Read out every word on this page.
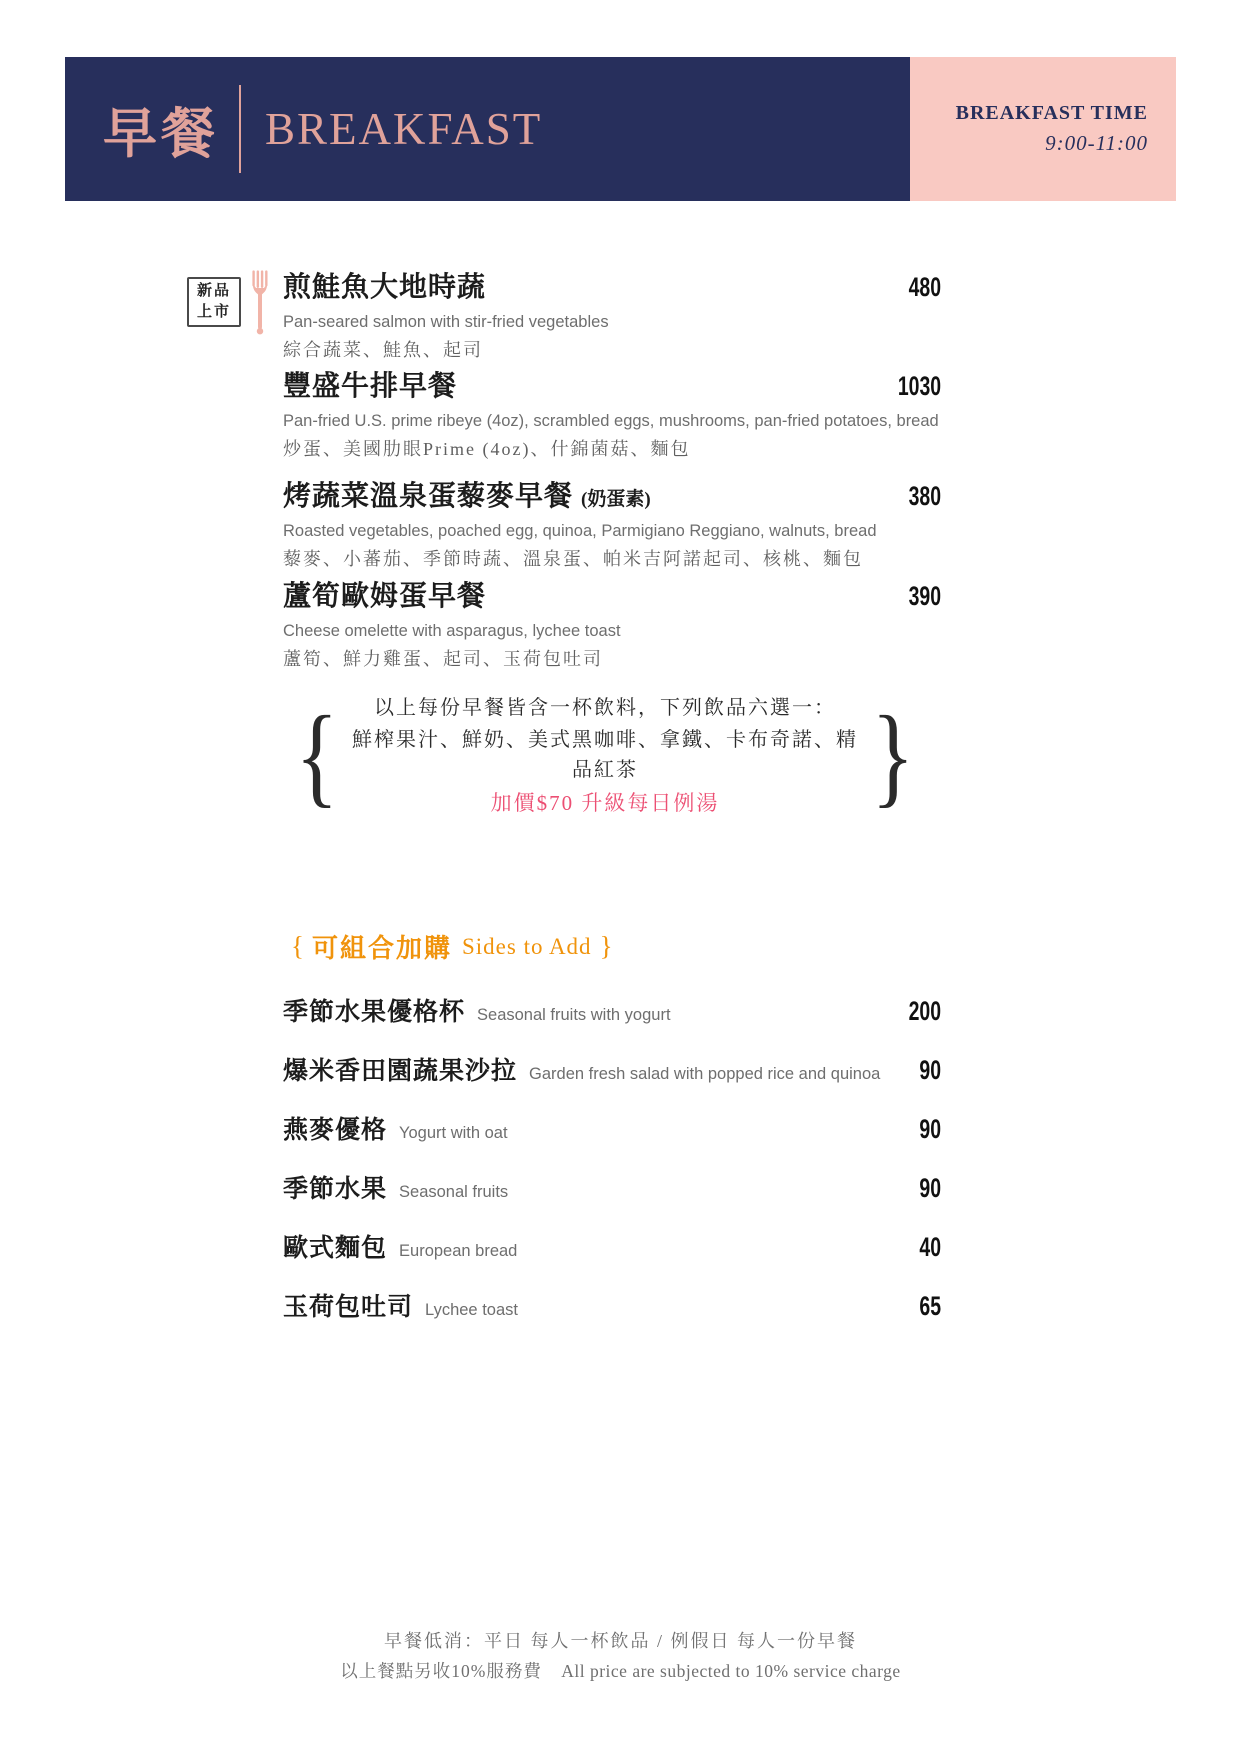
早餐 BREAKFAST	BREAKFAST TIME
9:00-11:00
新品
上市
煎鮭魚大地時蔬	480
Pan-seared salmon with stir-fried vegetables
綜合蔬菜、鮭魚、起司
豐盛牛排早餐	1030
Pan-fried U.S. prime ribeye (4oz), scrambled eggs, mushrooms, pan-fried potatoes, bread
炒蛋、美國肋眼Prime (4oz)、什錦菌菇、麵包
烤蔬菜溫泉蛋藜麥早餐 (奶蛋素)	380
Roasted vegetables, poached egg, quinoa, Parmigiano Reggiano, walnuts, bread
藜麥、小蕃茄、季節時蔬、溫泉蛋、帕米吉阿諾起司、核桃、麵包
蘆筍歐姆蛋早餐	390
Cheese omelette with asparagus, lychee toast
蘆筍、鮮力雞蛋、起司、玉荷包吐司
{	以上每份早餐皆含一杯飲料，下列飲品六選一：
鮮榨果汁、鮮奶、美式黑咖啡、拿鐵、卡布奇諾、精品紅茶
加價$70 升級每日例湯	}
{ 可組合加購 Sides to Add }
季節水果優格杯 Seasonal fruits with yogurt	200
爆米香田園蔬果沙拉 Garden fresh salad with popped rice and quinoa 90
燕麥優格 Yogurt with oat	90
季節水果 Seasonal fruits	90
歐式麵包 European bread	40
玉荷包吐司 Lychee toast	65
早餐低消：平日 每人一杯飲品 / 例假日 每人一份早餐
以上餐點另收10%服務費 All price are subjected to 10% service charge
